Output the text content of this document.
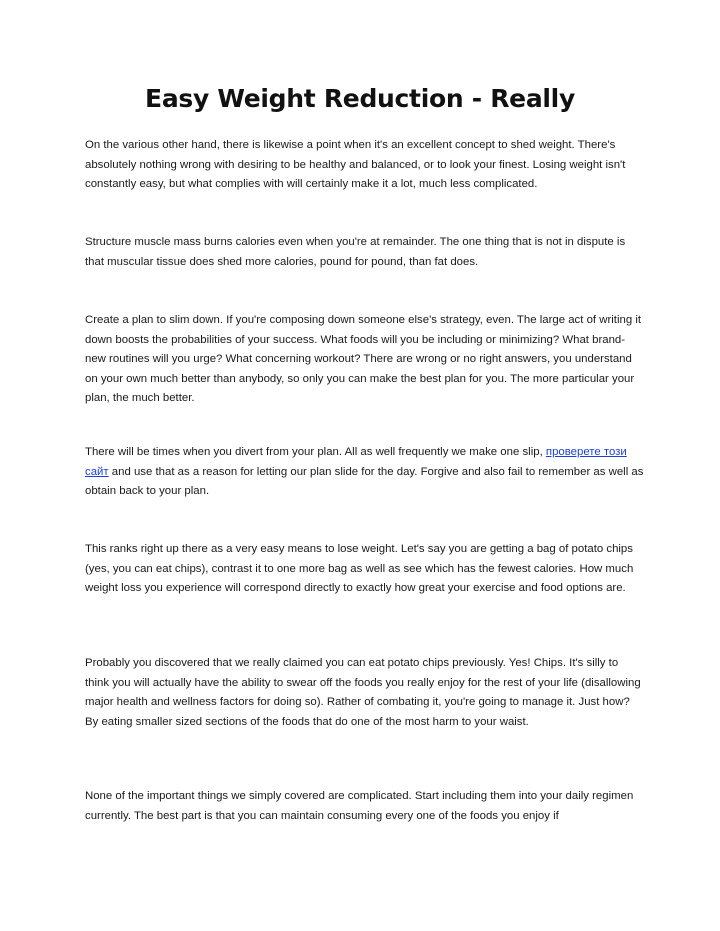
Easy Weight Reduction - Really

On the various other hand, there is likewise a point when it's an excellent concept to shed weight. There's absolutely nothing wrong with desiring to be healthy and balanced, or to look your finest. Losing weight isn't constantly easy, but what complies with will certainly make it a lot, much less complicated.

Structure muscle mass burns calories even when you're at remainder. The one thing that is not in dispute is that muscular tissue does shed more calories, pound for pound, than fat does.

Create a plan to slim down. If you're composing down someone else's strategy, even. The large act of writing it down boosts the probabilities of your success. What foods will you be including or minimizing? What brand-new routines will you urge? What concerning workout? There are wrong or no right answers, you understand on your own much better than anybody, so only you can make the best plan for you. The more particular your plan, the much better.

There will be times when you divert from your plan. All as well frequently we make one slip, проверете този сайт and use that as a reason for letting our plan slide for the day. Forgive and also fail to remember as well as obtain back to your plan.

This ranks right up there as a very easy means to lose weight. Let's say you are getting a bag of potato chips (yes, you can eat chips), contrast it to one more bag as well as see which has the fewest calories. How much weight loss you experience will correspond directly to exactly how great your exercise and food options are.

Probably you discovered that we really claimed you can eat potato chips previously. Yes! Chips. It's silly to think you will actually have the ability to swear off the foods you really enjoy for the rest of your life (disallowing major health and wellness factors for doing so). Rather of combating it, you're going to manage it. Just how? By eating smaller sized sections of the foods that do one of the most harm to your waist.

None of the important things we simply covered are complicated. Start including them into your daily regimen currently. The best part is that you can maintain consuming every one of the foods you enjoy if
